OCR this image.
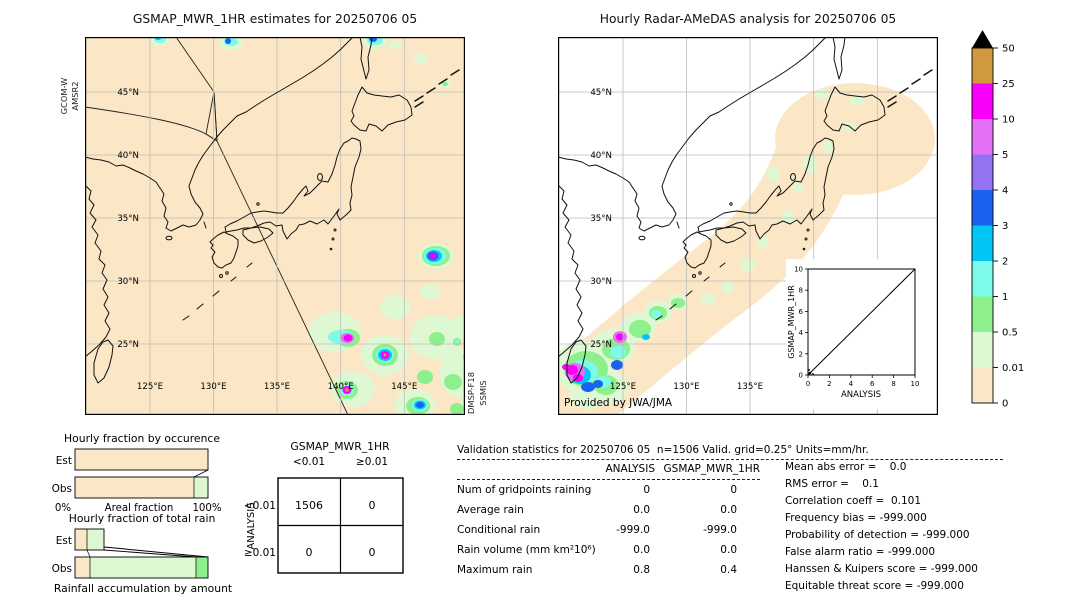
GSMAP_MWR_1HR estimates for 20250706 05	Hourly Radar-AMeDAS analysis for 20250706 05
GCOM-W AMSR2
DMSP-F18 SSMIS
45°N
40°N
35°N
30°N
25°N
125°E	130°E	135°E	140°E	145°E	0 2 4 6 8 10
0
2
4
6
8
10
ANALYSIS
GSMAP_MWR_1HR
45°N
40°N
35°N
30°N
25°N
125°E	130°E	135°E
Provided by JWA/JMA
50
25
10
5
4
3
2
1
0.5
0.01
0
Hourly fraction by occurence
Est
Obs
0%	Areal fraction 100%
Hourly fraction of total rain
Est
Obs
Rainfall accumulation by amount
GSMAP_MWR_1HR
<0.01	≥0.01
ANALYSIS
<0.01
≥0.01
1506	0
0	0
Validation statistics for 20250706 05  n=1506 Valid. grid=0.25° Units=mm/hr.
ANALYSIS GSMAP_MWR_1HR
Num of gridpoints raining	0	0
Average rain	0.0	0.0
Conditional rain	-999.0	-999.0
Rain volume (mm km²10⁶)	0.0	0.0
Maximum rain	0.8	0.4
Mean abs error =    0.0
RMS error =    0.1
Correlation coeff =  0.101
Frequency bias = -999.000
Probability of detection = -999.000
False alarm ratio = -999.000
Hanssen & Kuipers score = -999.000
Equitable threat score = -999.000
